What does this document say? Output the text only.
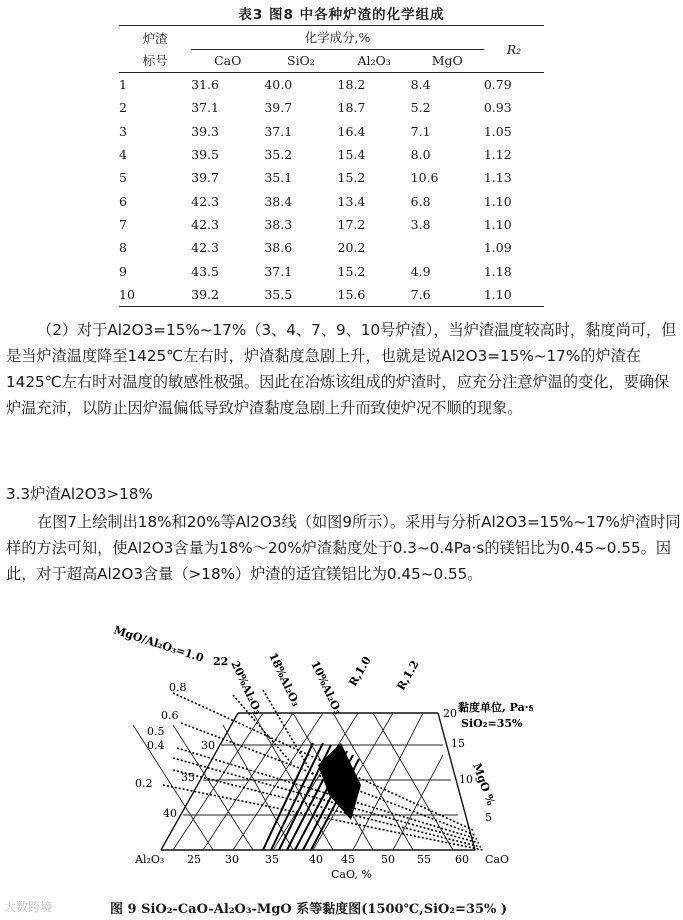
表3 图8 中各种炉渣的化学组成
炉渣
标号	化学成分,%				R₂
	CaO	SiO₂	Al₂O₃	MgO	

1	31.6	40.0	18.2	8.4	0.79
2	37.1	39.7	18.7	5.2	0.93
3	39.3	37.1	16.4	7.1	1.05
4	39.5	35.2	15.4	8.0	1.12
5	39.7	35.1	15.2	10.6	1.13
6	42.3	38.4	13.4	6.8	1.10
7	42.3	38.3	17.2	3.8	1.10
8	42.3	38.6	20.2		1.09
9	43.5	37.1	15.2	4.9	1.18
10	39.2	35.5	15.6	7.6	1.10

（2）对于Al2O3=15%~17%（3、4、7、9、10号炉渣），当炉渣温度较高时，黏度尚可，但是当炉渣温度降至1425℃左右时，炉渣黏度急剧上升，也就是说Al2O3=15%~17%的炉渣在1425℃左右时对温度的敏感性极强。因此在冶炼该组成的炉渣时，应充分注意炉温的变化，要确保炉温充沛，以防止因炉温偏低导致炉渣黏度急剧上升而致使炉况不顺的现象。

3.3炉渣Al2O3>18%

在图7上绘制出18%和20%等Al2O3线（如图9所示）。采用与分析Al2O3=15%~17%炉渣时同样的方法可知，使Al2O3含量为18%～20%炉渣黏度处于0.3~0.4Pa·s的镁铝比为0.45~0.55。因此，对于超高Al2O3含量（>18%）炉渣的适宜镁铝比为0.45~0.55。

MgO/Al₂O₃=1.0
0.8
0.6
0.5
0.4
0.2
22 20%Al₂O₃ 18%Al₂O₃ 10%Al₂O₃ R,1.0 R,1.2
黏度单位, Pa·s
SiO₂=35%
30
35
40
20
15
10
5
MgO %
Al₂O₃ 25 30 35	40 45 50 55 60 CaO
CaO, %
大数跨境	图 9 SiO₂-CaO-Al₂O₃-MgO 系等黏度图(1500℃,SiO₂=35% )
